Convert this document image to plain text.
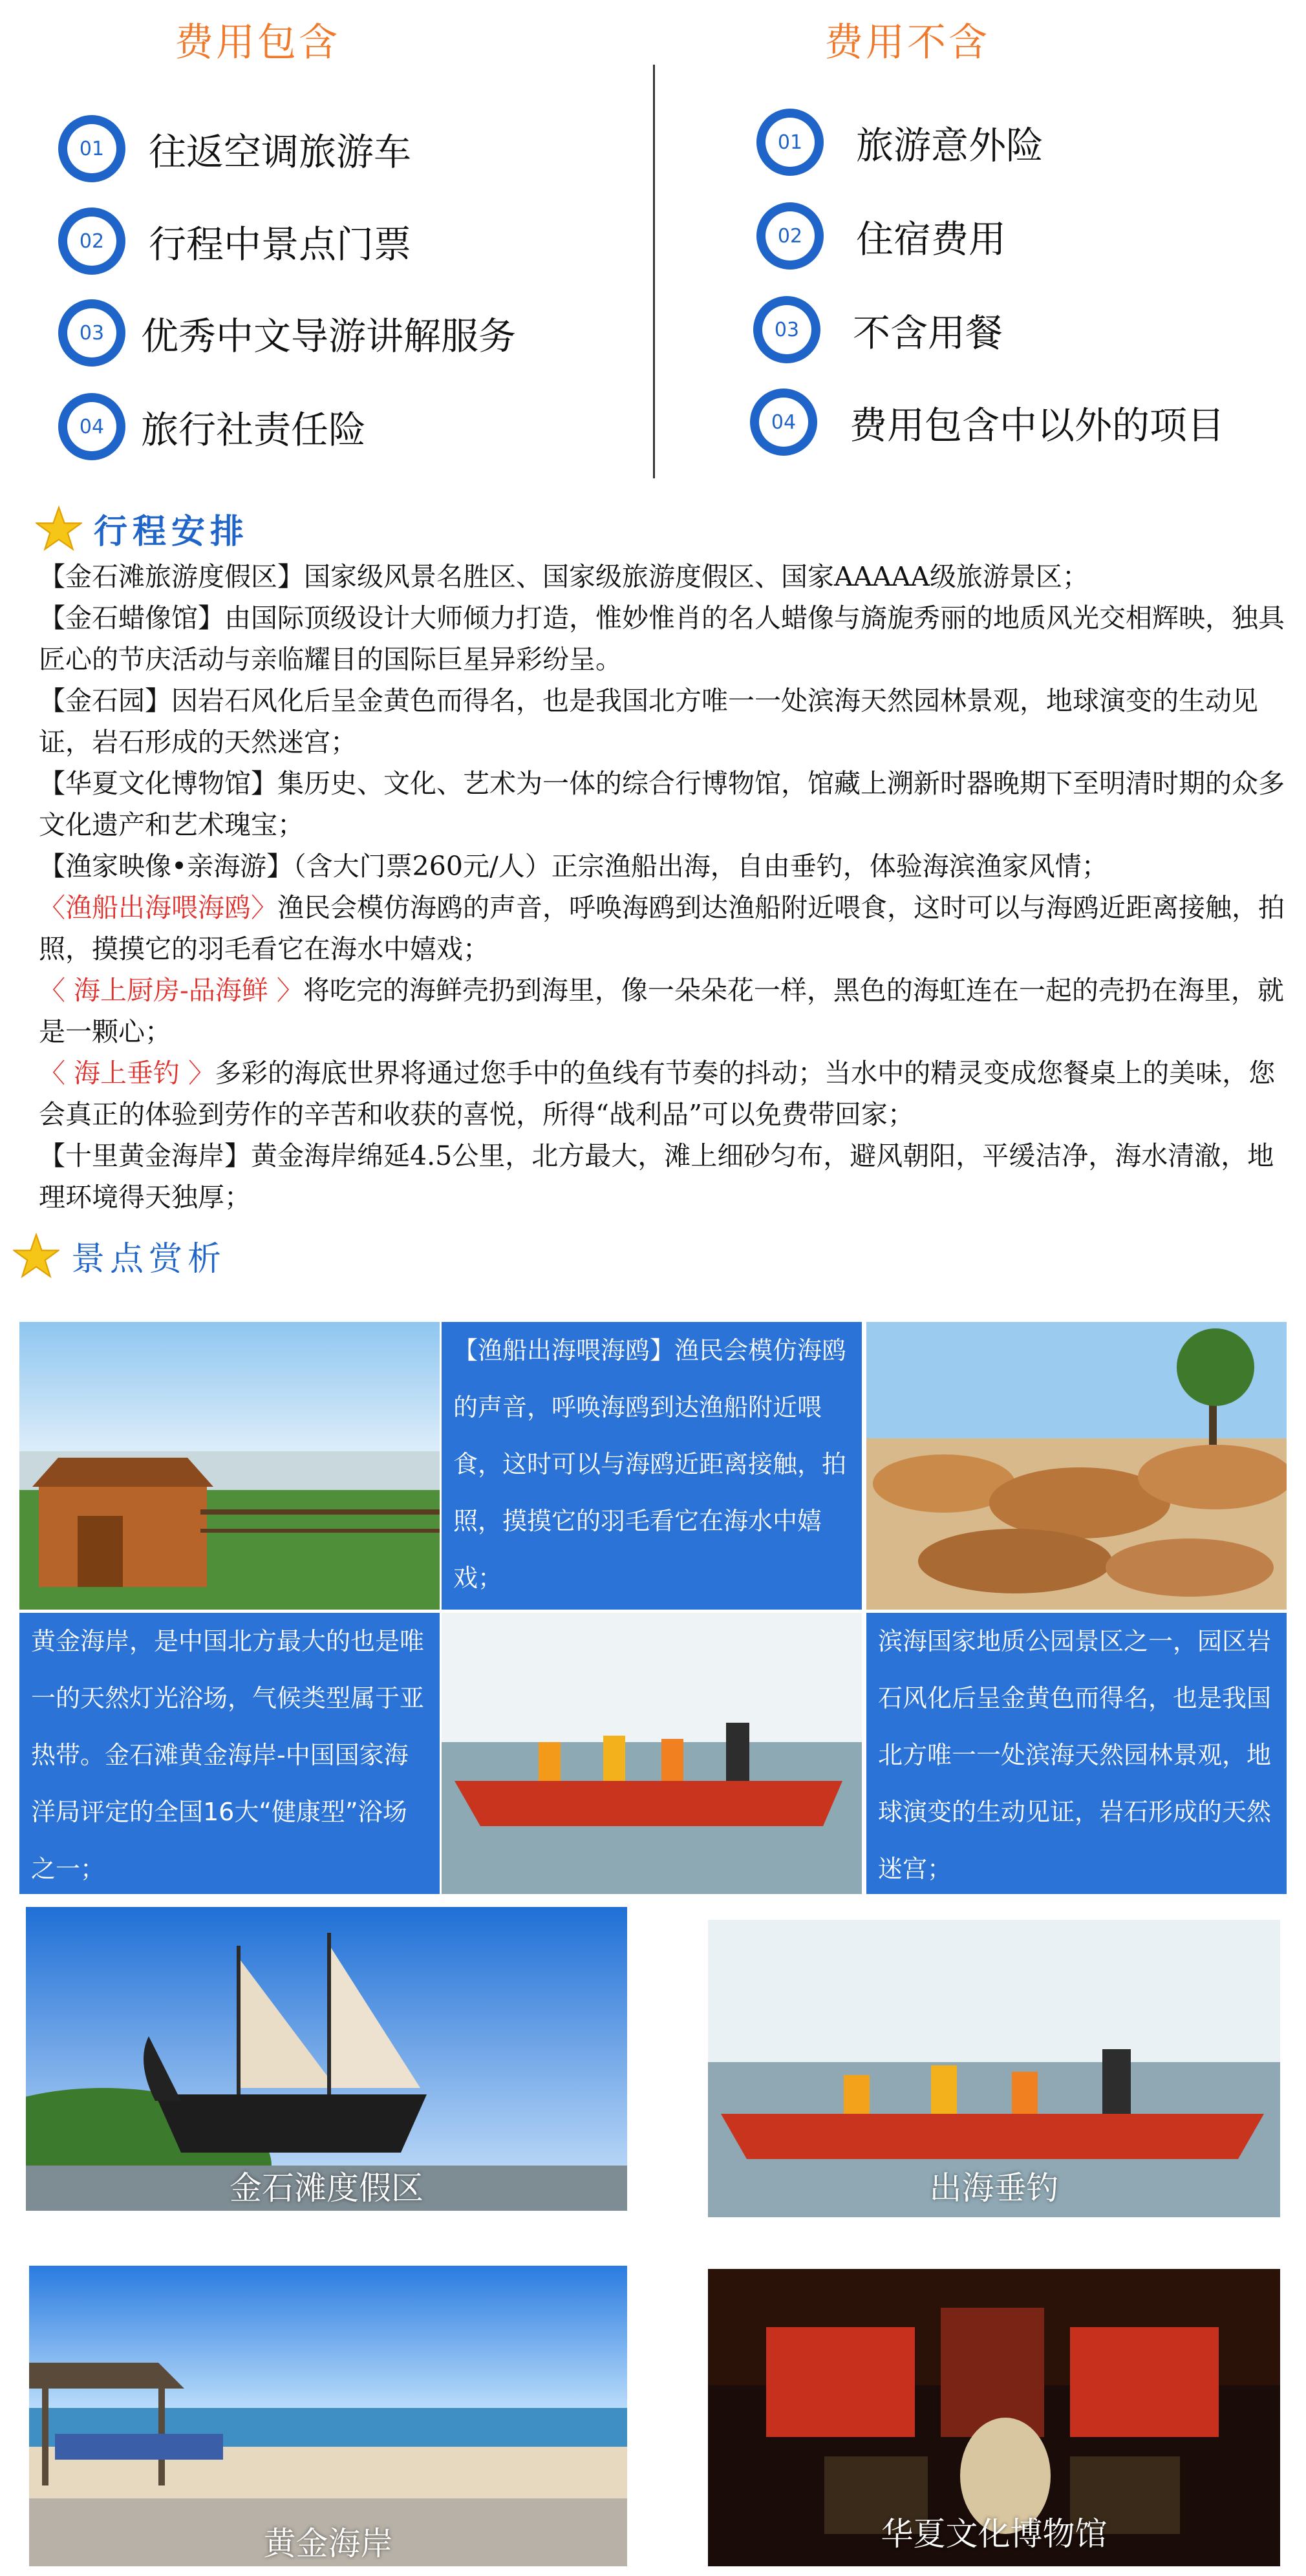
费用包含	费用不含
01	往返空调旅游车
02	行程中景点门票
03 优秀中文导游讲解服务
04 旅行社责任险
01	旅游意外险
02	住宿费用
03	不含用餐
04	费用包含中以外的项目
行程安排

【金石滩旅游度假区】国家级风景名胜区、国家级旅游度假区、国家AAAAA级旅游景区；

【金石蜡像馆】由国际顶级设计大师倾力打造，惟妙惟肖的名人蜡像与旖旎秀丽的地质风光交相辉映，独具匠心的节庆活动与亲临耀目的国际巨星异彩纷呈。

【金石园】因岩石风化后呈金黄色而得名，也是我国北方唯一一处滨海天然园林景观，地球演变的生动见证，岩石形成的天然迷宫；

【华夏文化博物馆】集历史、文化、艺术为一体的综合行博物馆，馆藏上溯新时器晚期下至明清时期的众多文化遗产和艺术瑰宝；

【渔家映像•亲海游】（含大门票260元/人）正宗渔船出海，自由垂钓，体验海滨渔家风情；

〈渔船出海喂海鸥〉渔民会模仿海鸥的声音，呼唤海鸥到达渔船附近喂食，这时可以与海鸥近距离接触，拍照，摸摸它的羽毛看它在海水中嬉戏；

〈 海上厨房-品海鲜 〉将吃完的海鲜壳扔到海里，像一朵朵花一样，黑色的海虹连在一起的壳扔在海里，就是一颗心；

〈 海上垂钓 〉多彩的海底世界将通过您手中的鱼线有节奏的抖动；当水中的精灵变成您餐桌上的美味，您会真正的体验到劳作的辛苦和收获的喜悦，所得“战利品”可以免费带回家；

【十里黄金海岸】黄金海岸绵延4.5公里，北方最大，滩上细砂匀布，避风朝阳，平缓洁净，海水清澈，地理环境得天独厚；

景点赏析
【渔船出海喂海鸥】渔民会模仿海鸥的声音，呼唤海鸥到达渔船附近喂食，这时可以与海鸥近距离接触，拍照，摸摸它的羽毛看它在海水中嬉戏；
黄金海岸，是中国北方最大的也是唯一的天然灯光浴场，气候类型属于亚热带。金石滩黄金海岸-中国国家海洋局评定的全国16大“健康型”浴场之一；
滨海国家地质公园景区之一，园区岩石风化后呈金黄色而得名，也是我国北方唯一一处滨海天然园林景观，地球演变的生动见证，岩石形成的天然迷宫；
金石滩度假区	出海垂钓
黄金海岸	华夏文化博物馆
